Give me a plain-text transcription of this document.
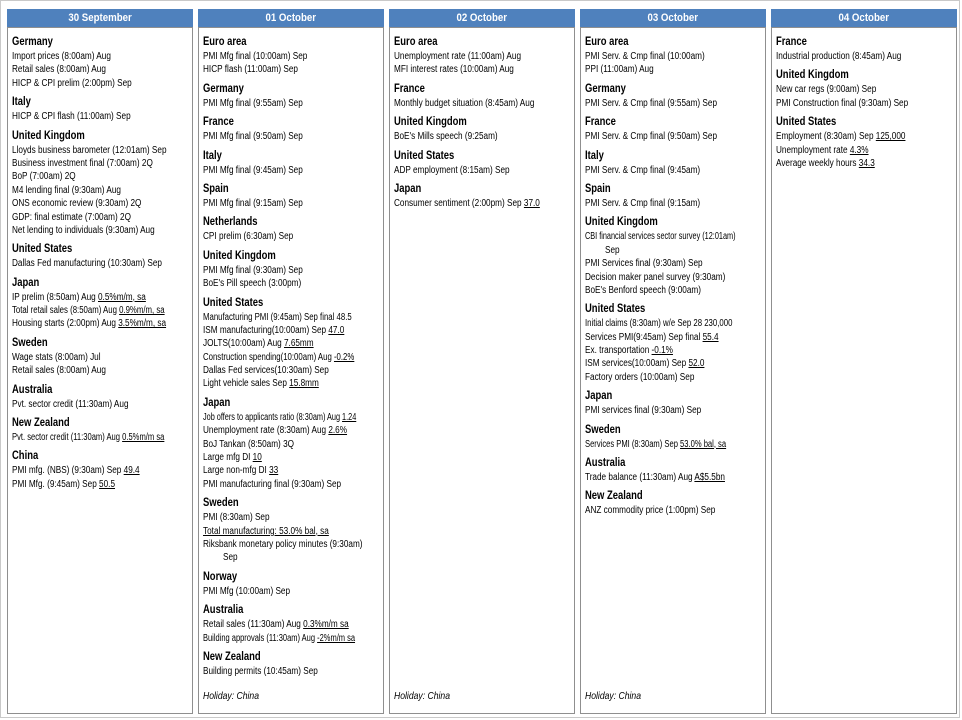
30 September
Germany
Import prices (8:00am) Aug
Retail sales (8:00am) Aug
HICP & CPI prelim (2:00pm) Sep
Italy
HICP & CPI flash (11:00am) Sep
United Kingdom
Lloyds business barometer (12:01am) Sep
Business investment final (7:00am) 2Q
BoP (7:00am) 2Q
M4 lending final (9:30am) Aug
ONS economic review (9:30am) 2Q
GDP: final estimate (7:00am) 2Q
Net lending to individuals (9:30am) Aug
United States
Dallas Fed manufacturing (10:30am) Sep
Japan
IP prelim (8:50am) Aug 0.5%m/m, sa
Total retail sales (8:50am) Aug 0.9%m/m, sa
Housing starts (2:00pm) Aug 3.5%m/m, sa
Sweden
Wage stats (8:00am) Jul
Retail sales (8:00am) Aug
Australia
Pvt. sector credit (11:30am) Aug
New Zealand
Pvt. sector credit (11:30am) Aug 0.5%m/m sa
China
PMI mfg. (NBS) (9:30am) Sep 49.4
PMI Mfg. (9:45am) Sep 50.5
01 October
Euro area
PMI Mfg final (10:00am) Sep
HICP flash (11:00am) Sep
Germany
PMI Mfg final (9:55am) Sep
France
PMI Mfg final (9:50am) Sep
Italy
PMI Mfg final (9:45am) Sep
Spain
PMI Mfg final (9:15am) Sep
Netherlands
CPI prelim (6:30am) Sep
United Kingdom
PMI Mfg final (9:30am) Sep
BoE's Pill speech (3:00pm)
United States
Manufacturing PMI (9:45am) Sep final 48.5
ISM manufacturing(10:00am) Sep 47.0
JOLTS(10:00am) Aug 7.65mm
Construction spending(10:00am) Aug -0.2%
Dallas Fed services(10:30am) Sep
Light vehicle sales Sep 15.8mm
Japan
Job offers to applicants ratio (8:30am) Aug 1.24
Unemployment rate (8:30am) Aug 2.6%
BoJ Tankan (8:50am) 3Q
Large mfg DI 10
Large non-mfg DI 33
PMI manufacturing final (9:30am) Sep
Sweden
PMI (8:30am) Sep
Total manufacturing: 53.0% bal, sa
Riksbank monetary policy minutes (9:30am)
Sep
Norway
PMI Mfg (10:00am) Sep
Australia
Retail sales (11:30am) Aug 0.3%m/m sa
Building approvals (11:30am) Aug -2%m/m sa
New Zealand
Building permits (10:45am) Sep
Holiday: China
02 October
Euro area
Unemployment rate (11:00am) Aug
MFI interest rates (10:00am) Aug
France
Monthly budget situation (8:45am) Aug
United Kingdom
BoE's Mills speech (9:25am)
United States
ADP employment (8:15am) Sep
Japan
Consumer sentiment (2:00pm) Sep 37.0
Holiday: China
03 October
Euro area
PMI Serv. & Cmp final (10:00am)
PPI (11:00am) Aug
Germany
PMI Serv. & Cmp final (9:55am) Sep
France
PMI Serv. & Cmp final (9:50am) Sep
Italy
PMI Serv. & Cmp final (9:45am)
Spain
PMI Serv. & Cmp final (9:15am)
United Kingdom
CBI financial services sector survey (12:01am)
Sep
PMI Services final (9:30am) Sep
Decision maker panel survey (9:30am)
BoE's Benford speech (9:00am)
United States
Initial claims (8:30am) w/e Sep 28 230,000
Services PMI(9:45am) Sep final 55.4
Ex. transportation -0.1%
ISM services(10:00am) Sep 52.0
Factory orders (10:00am) Sep
Japan
PMI services final (9:30am) Sep
Sweden
Services PMI (8:30am) Sep 53.0% bal, sa
Australia
Trade balance (11:30am) Aug A$5.5bn
New Zealand
ANZ commodity price (1:00pm) Sep
Holiday: China
04 October
France
Industrial production (8:45am) Aug
United Kingdom
New car regs (9:00am) Sep
PMI Construction final (9:30am) Sep
United States
Employment (8:30am) Sep 125,000
Unemployment rate 4.3%
Average weekly hours 34.3
